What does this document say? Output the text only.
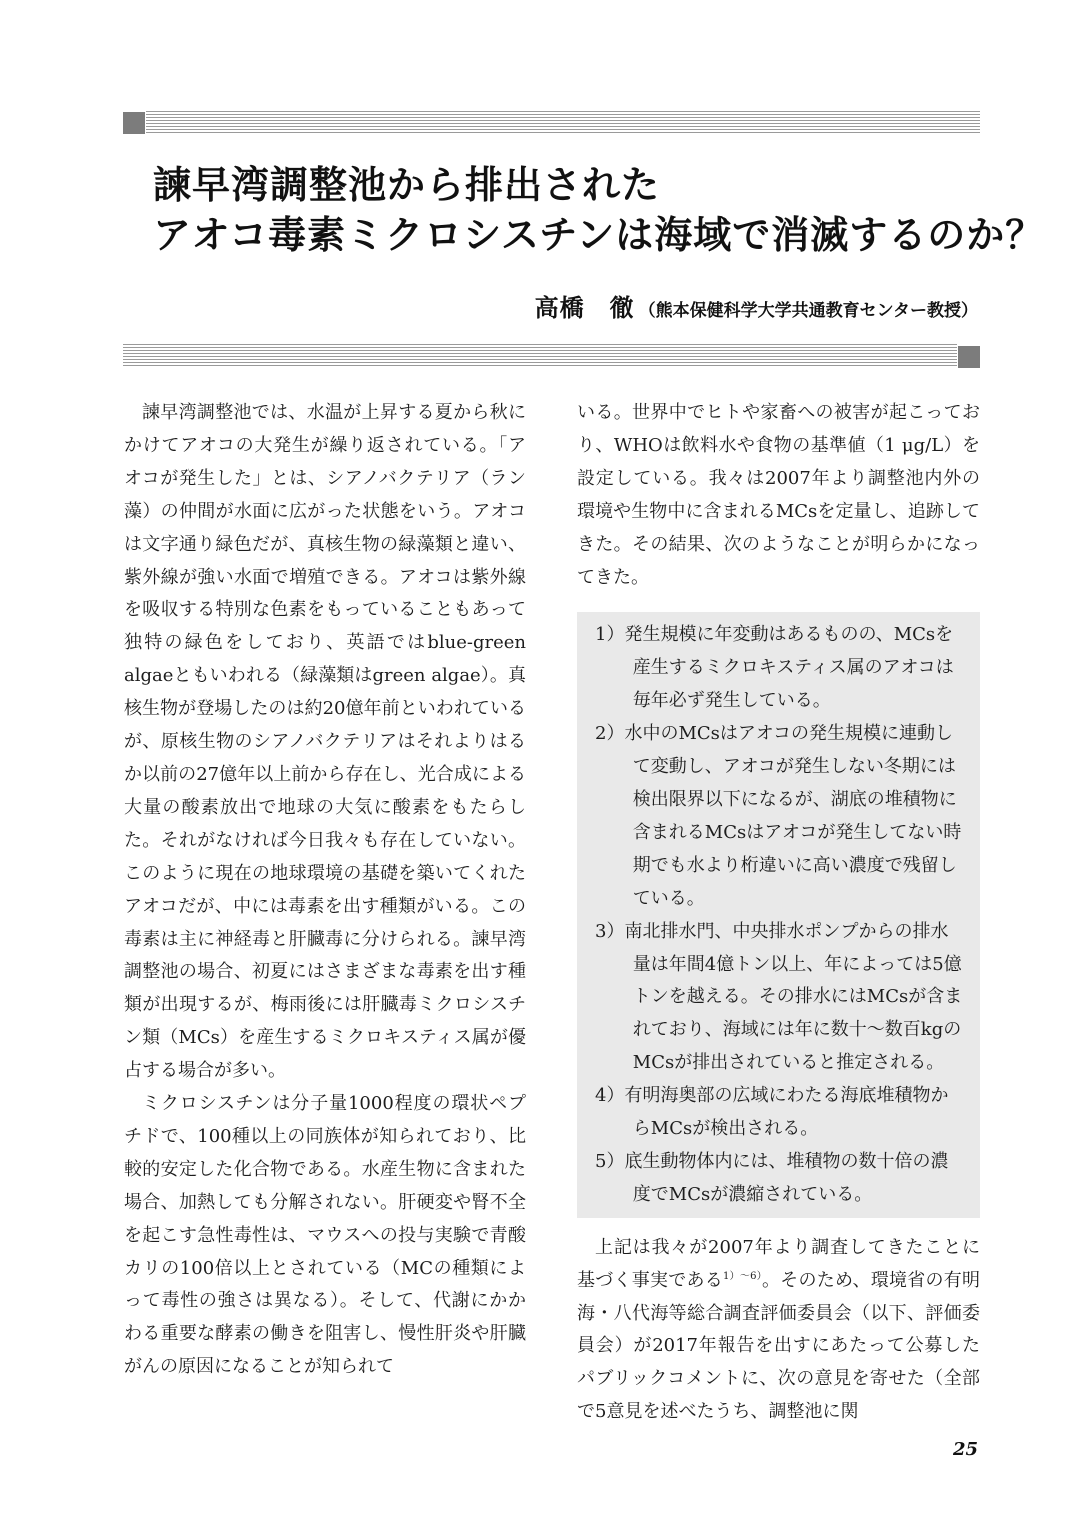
諫早湾調整池から排出された
アオコ毒素ミクロシスチンは海域で消滅するのか？
高橋　徹 （熊本保健科学大学共通教育センター教授）

諫早湾調整池では、水温が上昇する夏から秋にかけてアオコの大発生が繰り返されている。「アオコが発生した」とは、シアノバクテリア（ラン藻）の仲間が水面に広がった状態をいう。アオコは文字通り緑色だが、真核生物の緑藻類と違い、紫外線が強い水面で増殖できる。アオコは紫外線を吸収する特別な色素をもっていることもあって独特の緑色をしており、英語ではblue-green algaeともいわれる（緑藻類はgreen algae）。真核生物が登場したのは約20億年前といわれているが、原核生物のシアノバクテリアはそれよりはるか以前の27億年以上前から存在し、光合成による大量の酸素放出で地球の大気に酸素をもたらした。それがなければ今日我々も存在していない。このように現在の地球環境の基礎を築いてくれたアオコだが、中には毒素を出す種類がいる。この毒素は主に神経毒と肝臓毒に分けられる。諫早湾調整池の場合、初夏にはさまざまな毒素を出す種類が出現するが、梅雨後には肝臓毒ミクロシスチン類（MCs）を産生するミクロキスティス属が優占する場合が多い。

ミクロシスチンは分子量1000程度の環状ペプチドで、100種以上の同族体が知られており、比較的安定した化合物である。水産生物に含まれた場合、加熱しても分解されない。肝硬変や腎不全を起こす急性毒性は、マウスへの投与実験で青酸カリの100倍以上とされている（MCの種類によって毒性の強さは異なる）。そして、代謝にかかわる重要な酵素の働きを阻害し、慢性肝炎や肝臓がんの原因になることが知られて

いる。世界中でヒトや家畜への被害が起こっており、WHOは飲料水や食物の基準値（1 μg/L）を設定している。我々は2007年より調整池内外の環境や生物中に含まれるMCsを定量し、追跡してきた。その結果、次のようなことが明らかになってきた。

1）発生規模に年変動はあるものの、MCsを産生するミクロキスティス属のアオコは毎年必ず発生している。

2）水中のMCsはアオコの発生規模に連動して変動し、アオコが発生しない冬期には検出限界以下になるが、湖底の堆積物に含まれるMCsはアオコが発生してない時期でも水より桁違いに高い濃度で残留している。

3）南北排水門、中央排水ポンプからの排水量は年間4億トン以上、年によっては5億トンを越える。その排水にはMCsが含まれており、海域には年に数十～数百kgのMCsが排出されていると推定される。

4）有明海奥部の広域にわたる海底堆積物からMCsが検出される。

5）底生動物体内には、堆積物の数十倍の濃度でMCsが濃縮されている。

上記は我々が2007年より調査してきたことに基づく事実である$^{1)\sim 6)}$。そのため、環境省の有明海・八代海等総合調査評価委員会（以下、評価委員会）が2017年報告を出すにあたって公募したパブリックコメントに、次の意見を寄せた（全部で5意見を述べたうち、調整池に関

25
